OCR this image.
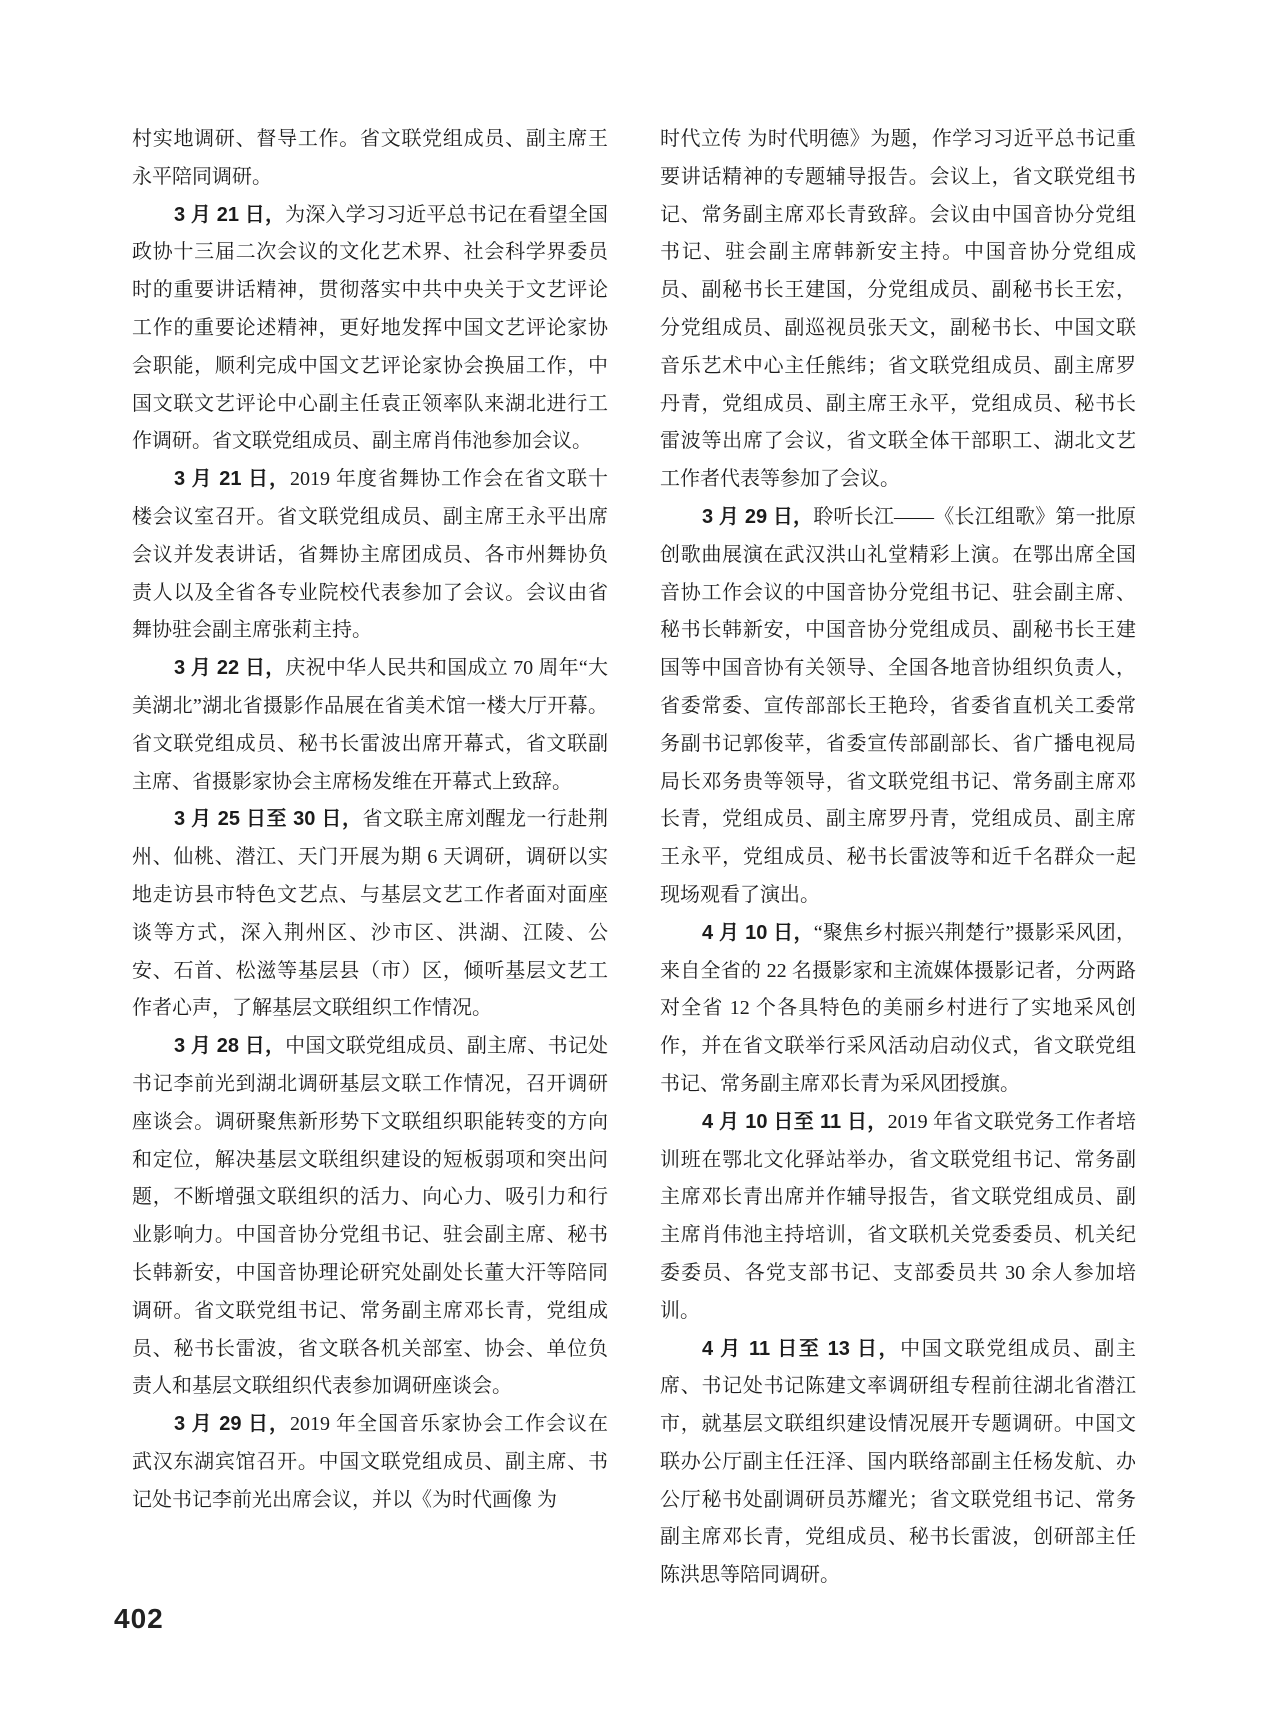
村实地调研、督导工作。省文联党组成员、副主席王永平陪同调研。

3 月 21 日，为深入学习习近平总书记在看望全国政协十三届二次会议的文化艺术界、社会科学界委员时的重要讲话精神，贯彻落实中共中央关于文艺评论工作的重要论述精神，更好地发挥中国文艺评论家协会职能，顺利完成中国文艺评论家协会换届工作，中国文联文艺评论中心副主任袁正领率队来湖北进行工作调研。省文联党组成员、副主席肖伟池参加会议。

3 月 21 日，2019 年度省舞协工作会在省文联十楼会议室召开。省文联党组成员、副主席王永平出席会议并发表讲话，省舞协主席团成员、各市州舞协负责人以及全省各专业院校代表参加了会议。会议由省舞协驻会副主席张莉主持。

3 月 22 日，庆祝中华人民共和国成立 70 周年“大美湖北”湖北省摄影作品展在省美术馆一楼大厅开幕。省文联党组成员、秘书长雷波出席开幕式，省文联副主席、省摄影家协会主席杨发维在开幕式上致辞。

3 月 25 日至 30 日，省文联主席刘醒龙一行赴荆州、仙桃、潜江、天门开展为期 6 天调研，调研以实地走访县市特色文艺点、与基层文艺工作者面对面座谈等方式，深入荆州区、沙市区、洪湖、江陵、公安、石首、松滋等基层县（市）区，倾听基层文艺工作者心声，了解基层文联组织工作情况。

3 月 28 日，中国文联党组成员、副主席、书记处书记李前光到湖北调研基层文联工作情况，召开调研座谈会。调研聚焦新形势下文联组织职能转变的方向和定位，解决基层文联组织建设的短板弱项和突出问题，不断增强文联组织的活力、向心力、吸引力和行业影响力。中国音协分党组书记、驻会副主席、秘书长韩新安，中国音协理论研究处副处长董大汗等陪同调研。省文联党组书记、常务副主席邓长青，党组成员、秘书长雷波，省文联各机关部室、协会、单位负责人和基层文联组织代表参加调研座谈会。

3 月 29 日，2019 年全国音乐家协会工作会议在武汉东湖宾馆召开。中国文联党组成员、副主席、书记处书记李前光出席会议，并以《为时代画像 为

时代立传 为时代明德》为题，作学习习近平总书记重要讲话精神的专题辅导报告。会议上，省文联党组书记、常务副主席邓长青致辞。会议由中国音协分党组书记、驻会副主席韩新安主持。中国音协分党组成员、副秘书长王建国，分党组成员、副秘书长王宏，分党组成员、副巡视员张天文，副秘书长、中国文联音乐艺术中心主任熊纬；省文联党组成员、副主席罗丹青，党组成员、副主席王永平，党组成员、秘书长雷波等出席了会议，省文联全体干部职工、湖北文艺工作者代表等参加了会议。

3 月 29 日，聆听长江——《长江组歌》第一批原创歌曲展演在武汉洪山礼堂精彩上演。在鄂出席全国音协工作会议的中国音协分党组书记、驻会副主席、秘书长韩新安，中国音协分党组成员、副秘书长王建国等中国音协有关领导、全国各地音协组织负责人，省委常委、宣传部部长王艳玲，省委省直机关工委常务副书记郭俊苹，省委宣传部副部长、省广播电视局局长邓务贵等领导，省文联党组书记、常务副主席邓长青，党组成员、副主席罗丹青，党组成员、副主席王永平，党组成员、秘书长雷波等和近千名群众一起现场观看了演出。

4 月 10 日，“聚焦乡村振兴荆楚行”摄影采风团，来自全省的 22 名摄影家和主流媒体摄影记者，分两路对全省 12 个各具特色的美丽乡村进行了实地采风创作，并在省文联举行采风活动启动仪式，省文联党组书记、常务副主席邓长青为采风团授旗。

4 月 10 日至 11 日，2019 年省文联党务工作者培训班在鄂北文化驿站举办，省文联党组书记、常务副主席邓长青出席并作辅导报告，省文联党组成员、副主席肖伟池主持培训，省文联机关党委委员、机关纪委委员、各党支部书记、支部委员共 30 余人参加培训。

4 月 11 日至 13 日，中国文联党组成员、副主席、书记处书记陈建文率调研组专程前往湖北省潜江市，就基层文联组织建设情况展开专题调研。中国文联办公厅副主任汪泽、国内联络部副主任杨发航、办公厅秘书处副调研员苏耀光；省文联党组书记、常务副主席邓长青，党组成员、秘书长雷波，创研部主任陈洪思等陪同调研。

402
